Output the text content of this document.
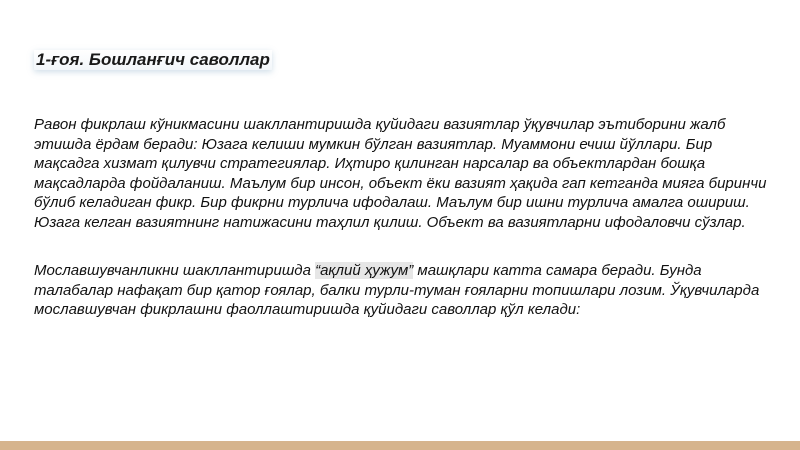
1-ғоя. Бошланғич саволлар

Равон фикрлаш кўникмасини шакллантиришда қуйидаги вазиятлар ўқувчилар эътиборини жалб этишда ёрдам беради: Юзага келиши мумкин бўлган вазиятлар. Муаммони ечиш йўллари. Бир мақсадга хизмат қилувчи стратегиялар. Иҳтиро қилинган нарсалар ва объектлардан бошқа мақсадларда фойдаланиш. Маълум бир инсон, объект ёки вазият ҳақида гап кетганда мияга биринчи бўлиб келадиган фикр. Бир фикрни турлича ифодалаш. Маълум бир ишни турлича амалга ошириш. Юзага келган вазиятнинг натижасини таҳлил қилиш. Объект ва вазиятларни ифодаловчи сўзлар.

Мославшувчанликни шакллантиришда “ақлий ҳужум” машқлари катта самара беради. Бунда талабалар нафақат бир қатор ғоялар, балки турли-туман ғояларни топишлари лозим. Ўқувчиларда мославшувчан фикрлашни фаоллаштиришда қуйидаги саволлар қўл келади:
